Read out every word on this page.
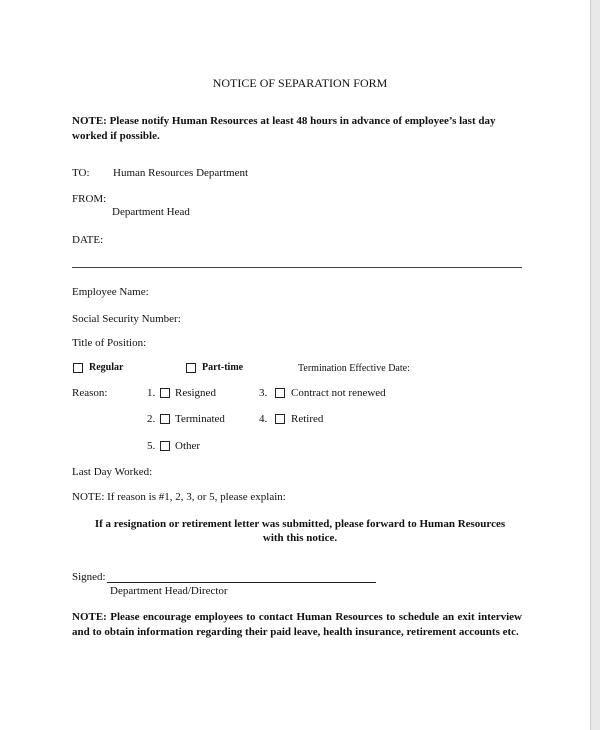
NOTICE OF SEPARATION FORM
NOTE: Please notify Human Resources at least 48 hours in advance of employee’s last day
worked if possible.
TO: Human Resources Department
FROM:
Department Head
DATE:
Employee Name:
Social Security Number:
Title of Position:
Regular	Part-time	Termination Effective Date:
Reason:	1. Resigned	3. Contract not renewed
2. Terminated	4. Retired
5. Other
Last Day Worked:
NOTE: If reason is #1, 2, 3, or 5, please explain:
If a resignation or retirement letter was submitted, please forward to Human Resources
with this notice.
Signed:
Department Head/Director
NOTE: Please encourage employees to contact Human Resources to schedule an exit interview and to obtain information regarding their paid leave, health insurance, retirement accounts etc.
